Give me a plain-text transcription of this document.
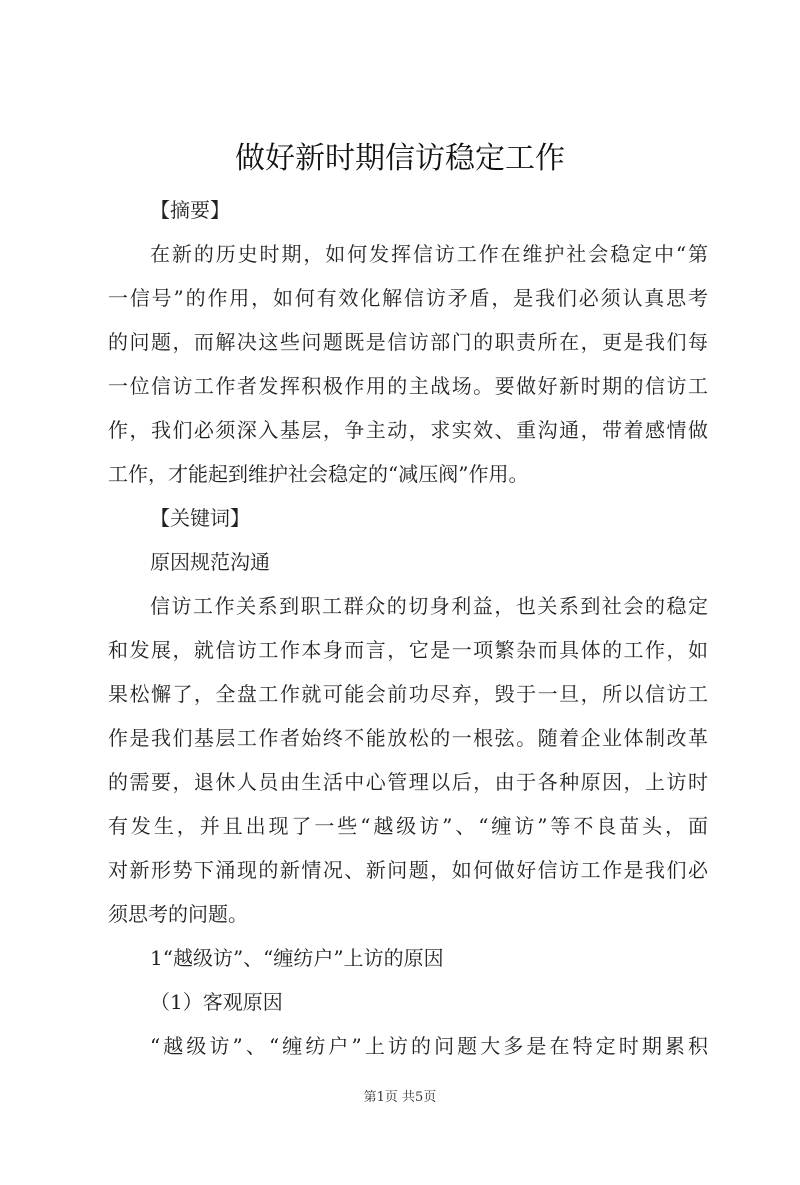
做好新时期信访稳定工作
【摘要】
在新的历史时期，如何发挥信访工作在维护社会稳定中“第
一信号”的作用，如何有效化解信访矛盾，是我们必须认真思考
的问题，而解决这些问题既是信访部门的职责所在，更是我们每
一位信访工作者发挥积极作用的主战场。要做好新时期的信访工
作，我们必须深入基层，争主动，求实效、重沟通，带着感情做
工作，才能起到维护社会稳定的“减压阀”作用。
【关键词】
原因规范沟通
信访工作关系到职工群众的切身利益，也关系到社会的稳定
和发展，就信访工作本身而言，它是一项繁杂而具体的工作，如
果松懈了，全盘工作就可能会前功尽弃，毁于一旦，所以信访工
作是我们基层工作者始终不能放松的一根弦。随着企业体制改革
的需要，退休人员由生活中心管理以后，由于各种原因，上访时
有发生，并且出现了一些“越级访”、“缠访”等不良苗头，面
对新形势下涌现的新情况、新问题，如何做好信访工作是我们必
须思考的问题。
1“越级访”、“缠纺户”上访的原因
（1）客观原因
“越级访”、“缠纺户”上访的问题大多是在特定时期累积
第1页 共5页
